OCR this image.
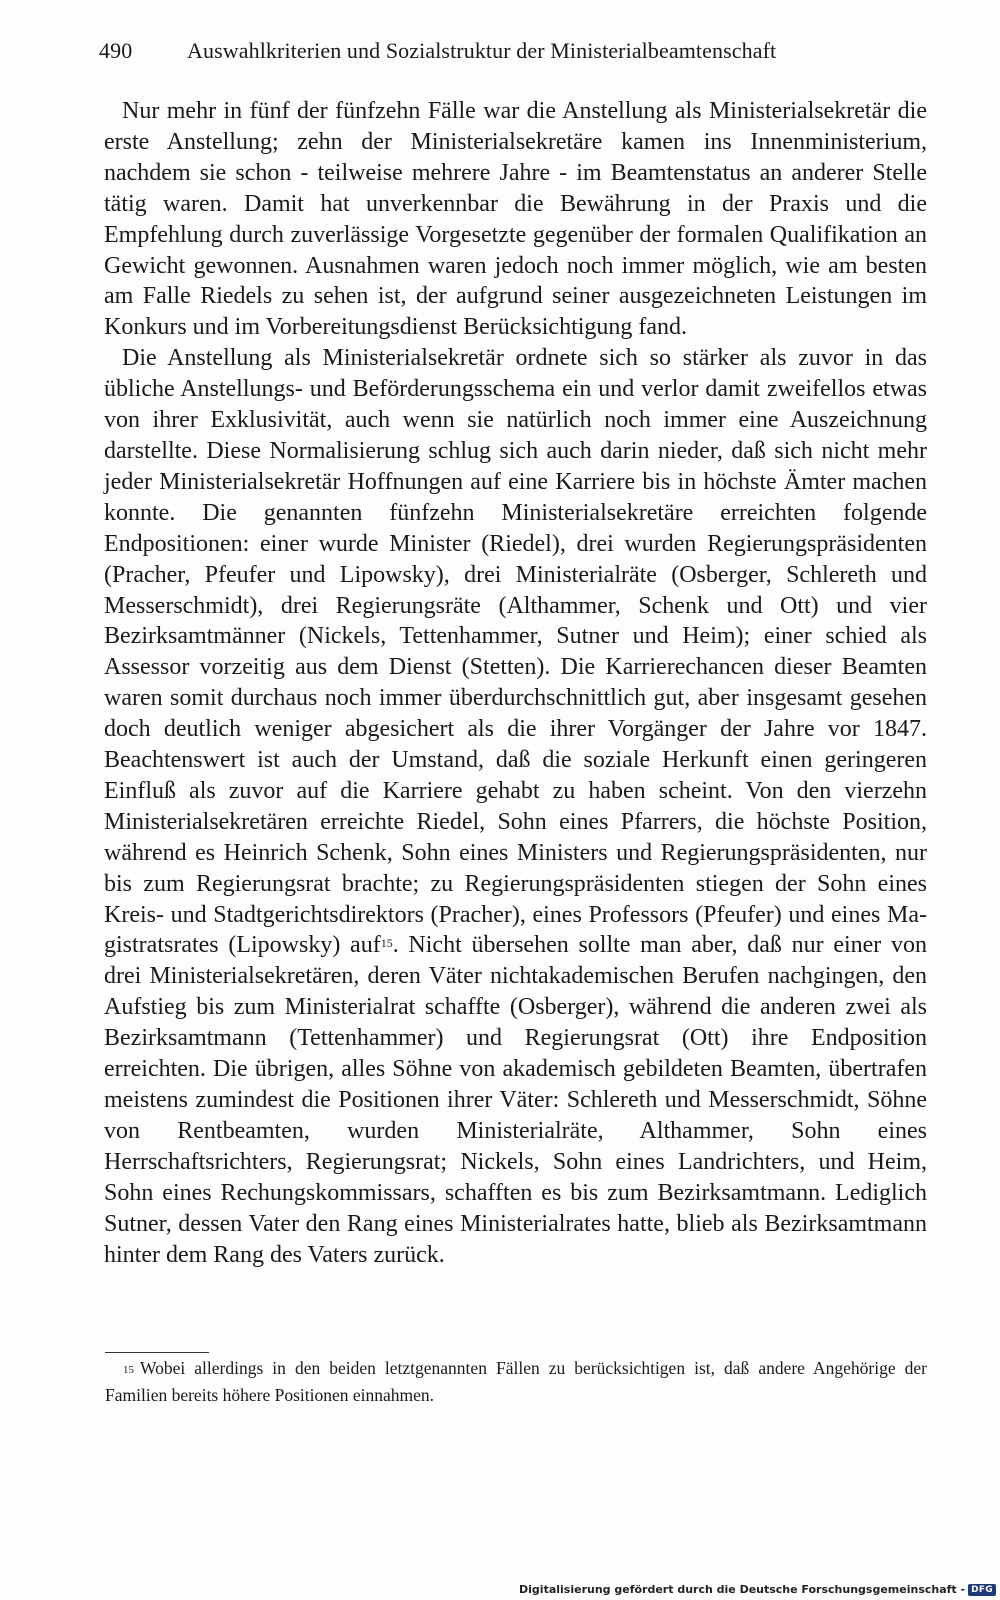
490 Auswahlkriterien und Sozialstruktur der Ministerialbeamtenschaft

Nur mehr in fünf der fünfzehn Fälle war die Anstellung als Ministerialsekretär die erste Anstellung; zehn der Ministerialsekretäre kamen ins Innenministerium, nachdem sie schon - teilweise mehrere Jahre - im Beamtenstatus an anderer Stelle tätig waren. Damit hat unverkennbar die Bewährung in der Praxis und die Empfehlung durch zuverlässige Vorgesetzte gegenüber der formalen Qualifikation an Gewicht gewonnen. Ausnahmen waren jedoch noch immer möglich, wie am besten am Falle Riedels zu sehen ist, der aufgrund seiner ausgezeichneten Leistungen im Konkurs und im Vorbereitungsdienst Berücksichtigung fand.

Die Anstellung als Ministerialsekretär ordnete sich so stärker als zuvor in das übliche Anstellungs- und Beförderungsschema ein und verlor damit zweifellos etwas von ihrer Exklusivität, auch wenn sie natürlich noch immer eine Auszeichnung darstellte. Diese Normalisierung schlug sich auch darin nieder, daß sich nicht mehr jeder Ministerialsekretär Hoffnungen auf eine Karriere bis in höchste Ämter machen konnte. Die genannten fünfzehn Ministerialsekretäre erreichten folgende Endpositionen: einer wurde Minister (Riedel), drei wurden Regierungspräsidenten (Pracher, Pfeufer und Lipowsky), drei Ministerialräte (Osberger, Schlereth und Messerschmidt), drei Regierungsräte (Althammer, Schenk und Ott) und vier Bezirksamtmänner (Nickels, Tettenhammer, Sutner und Heim); einer schied als Assessor vorzeitig aus dem Dienst (Stetten). Die Karrierechancen dieser Beamten waren somit durchaus noch immer überdurchschnittlich gut, aber insgesamt gesehen doch deutlich weniger abgesichert als die ihrer Vorgänger der Jahre vor 1847. Beachtenswert ist auch der Umstand, daß die soziale Herkunft einen geringeren Einfluß als zuvor auf die Karriere gehabt zu haben scheint. Von den vierzehn Ministerialsekretären erreichte Riedel, Sohn eines Pfarrers, die höchste Position, während es Heinrich Schenk, Sohn eines Ministers und Regierungspräsidenten, nur bis zum Regierungsrat brachte; zu Regierungspräsidenten stiegen der Sohn eines Kreis- und Stadtgerichtsdirektors (Pracher), eines Professors (Pfeufer) und eines Magistratsrates (Lipowsky) auf$^{15}$. Nicht übersehen sollte man aber, daß nur einer von drei Ministerialsekretären, deren Väter nichtakademischen Berufen nachgingen, den Aufstieg bis zum Ministerialrat schaffte (Osberger), während die anderen zwei als Bezirksamtmann (Tettenhammer) und Regierungsrat (Ott) ihre Endposition erreichten. Die übrigen, alles Söhne von akademisch gebildeten Beamten, übertrafen meistens zumindest die Positionen ihrer Väter: Schlereth und Messerschmidt, Söhne von Rentbeamten, wurden Ministerialräte, Althammer, Sohn eines Herrschaftsrichters, Regierungsrat; Nickels, Sohn eines Landrichters, und Heim, Sohn eines Rechungskommissars, schafften es bis zum Bezirksamtmann. Lediglich Sutner, dessen Vater den Rang eines Ministerialrates hatte, blieb als Bezirksamtmann hinter dem Rang des Vaters zurück.

$^{15}$ Wobei allerdings in den beiden letztgenannten Fällen zu berücksichtigen ist, daß andere Angehörige der Familien bereits höhere Positionen einnahmen.

Digitalisierung gefördert durch die Deutsche Forschungsgemeinschaft - DFG
